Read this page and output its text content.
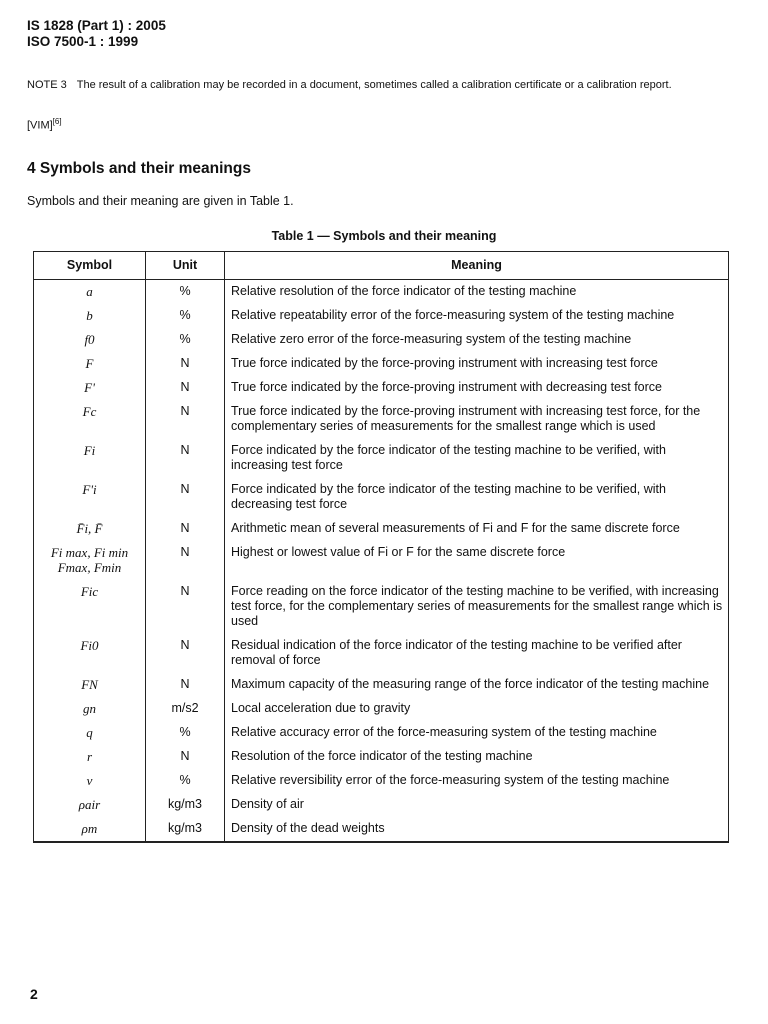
IS 1828 (Part 1) : 2005
ISO 7500-1 : 1999
NOTE 3 The result of a calibration may be recorded in a document, sometimes called a calibration certificate or a calibration report.
[VIM][6]
4 Symbols and their meanings
Symbols and their meaning are given in Table 1.
Table 1 — Symbols and their meaning
Symbol	Unit	Meaning
a	%	Relative resolution of the force indicator of the testing machine
b	%	Relative repeatability error of the force-measuring system of the testing machine
f0	%	Relative zero error of the force-measuring system of the testing machine
F	N	True force indicated by the force-proving instrument with increasing test force
F'	N	True force indicated by the force-proving instrument with decreasing test force
Fc	N	True force indicated by the force-proving instrument with increasing test force, for the complementary series of measurements for the smallest range which is used
Fi	N	Force indicated by the force indicator of the testing machine to be verified, with increasing test force
F'i	N	Force indicated by the force indicator of the testing machine to be verified, with decreasing test force
F̄i, F̄	N	Arithmetic mean of several measurements of Fi and F for the same discrete force
Fi max, Fi min Fmax, Fmin	N	Highest or lowest value of Fi or F for the same discrete force
Fic	N	Force reading on the force indicator of the testing machine to be verified, with increasing test force, for the complementary series of measurements for the smallest range which is used
Fi0	N	Residual indication of the force indicator of the testing machine to be verified after removal of force
FN	N	Maximum capacity of the measuring range of the force indicator of the testing machine
gn	m/s2	Local acceleration due to gravity
q	%	Relative accuracy error of the force-measuring system of the testing machine
r	N	Resolution of the force indicator of the testing machine
v	%	Relative reversibility error of the force-measuring system of the testing machine
ρair	kg/m3	Density of air
ρm	kg/m3	Density of the dead weights
2
